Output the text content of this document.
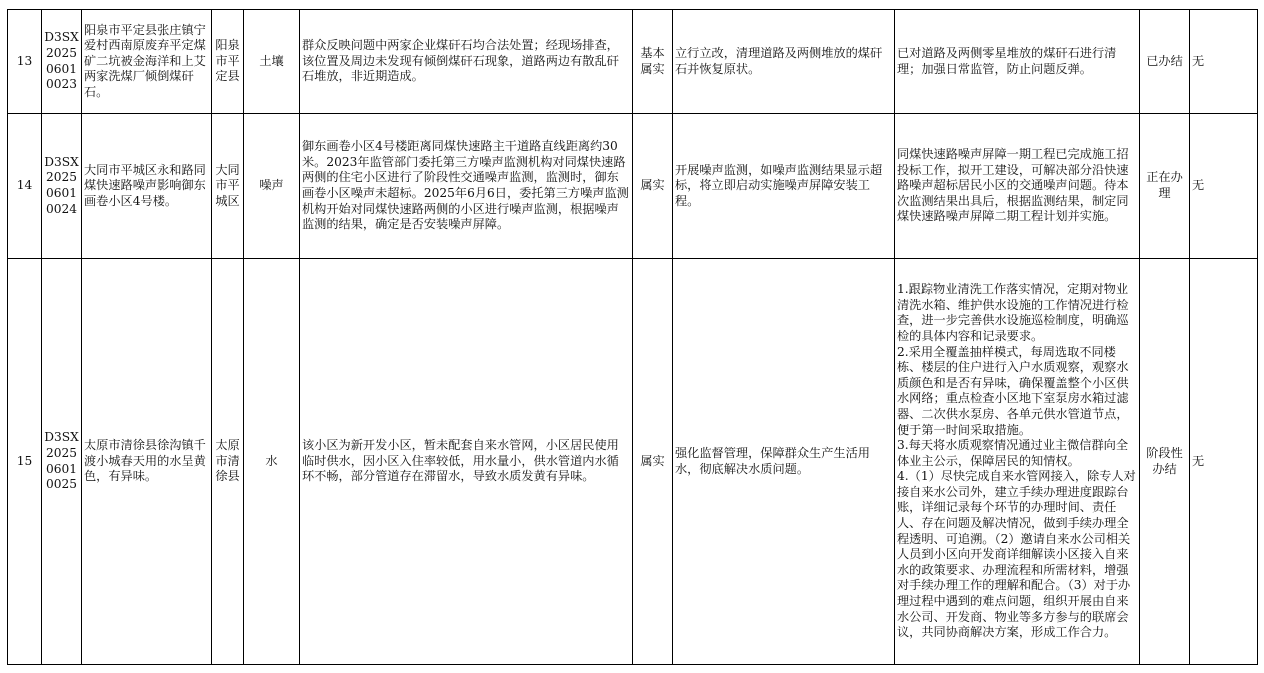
13	D3SX202506010023	阳泉市平定县张庄镇宁爱村西南原废弃平定煤矿二坑被金海洋和上艾两家洗煤厂倾倒煤矸石。	阳泉市平定县	土壤	群众反映问题中两家企业煤矸石均合法处置；经现场排查，该位置及周边未发现有倾倒煤矸石现象，道路两边有散乱矸石堆放，非近期造成。	基本属实	立行立改，清理道路及两侧堆放的煤矸石并恢复原状。	已对道路及两侧零星堆放的煤矸石进行清理；加强日常监管，防止问题反弹。	已办结	无
14	D3SX202506010024	大同市平城区永和路同煤快速路噪声影响御东画卷小区4号楼。	大同市平城区	噪声	御东画卷小区4号楼距离同煤快速路主干道路直线距离约30米。2023年监管部门委托第三方噪声监测机构对同煤快速路两侧的住宅小区进行了阶段性交通噪声监测，监测时，御东画卷小区噪声未超标。2025年6月6日，委托第三方噪声监测机构开始对同煤快速路两侧的小区进行噪声监测，根据噪声监测的结果，确定是否安装噪声屏障。	属实	开展噪声监测，如噪声监测结果显示超标，将立即启动实施噪声屏障安装工程。	同煤快速路噪声屏障一期工程已完成施工招投标工作，拟开工建设，可解决部分沿快速路噪声超标居民小区的交通噪声问题。待本次监测结果出具后，根据监测结果，制定同煤快速路噪声屏障二期工程计划并实施。	正在办理	无
15	D3SX202506010025	太原市清徐县徐沟镇千渡小城春天用的水呈黄色，有异味。	太原市清徐县	水	该小区为新开发小区，暂未配套自来水管网，小区居民使用临时供水，因小区入住率较低，用水量小，供水管道内水循环不畅，部分管道存在滞留水，导致水质发黄有异味。	属实	强化监督管理，保障群众生产生活用水，彻底解决水质问题。	1.跟踪物业清洗工作落实情况，定期对物业清洗水箱、维护供水设施的工作情况进行检查，进一步完善供水设施巡检制度，明确巡检的具体内容和记录要求。
2.采用全覆盖抽样模式，每周选取不同楼栋、楼层的住户进行入户水质观察，观察水质颜色和是否有异味，确保覆盖整个小区供水网络；重点检查小区地下室泵房水箱过滤器、二次供水泵房、各单元供水管道节点，便于第一时间采取措施。
3.每天将水质观察情况通过业主微信群向全体业主公示，保障居民的知情权。
4.（1）尽快完成自来水管网接入，除专人对接自来水公司外，建立手续办理进度跟踪台账，详细记录每个环节的办理时间、责任人、存在问题及解决情况，做到手续办理全程透明、可追溯。（2）邀请自来水公司相关人员到小区向开发商详细解读小区接入自来水的政策要求、办理流程和所需材料，增强对手续办理工作的理解和配合。（3）对于办理过程中遇到的难点问题，组织开展由自来水公司、开发商、物业等多方参与的联席会议，共同协商解决方案，形成工作合力。	阶段性办结	无
